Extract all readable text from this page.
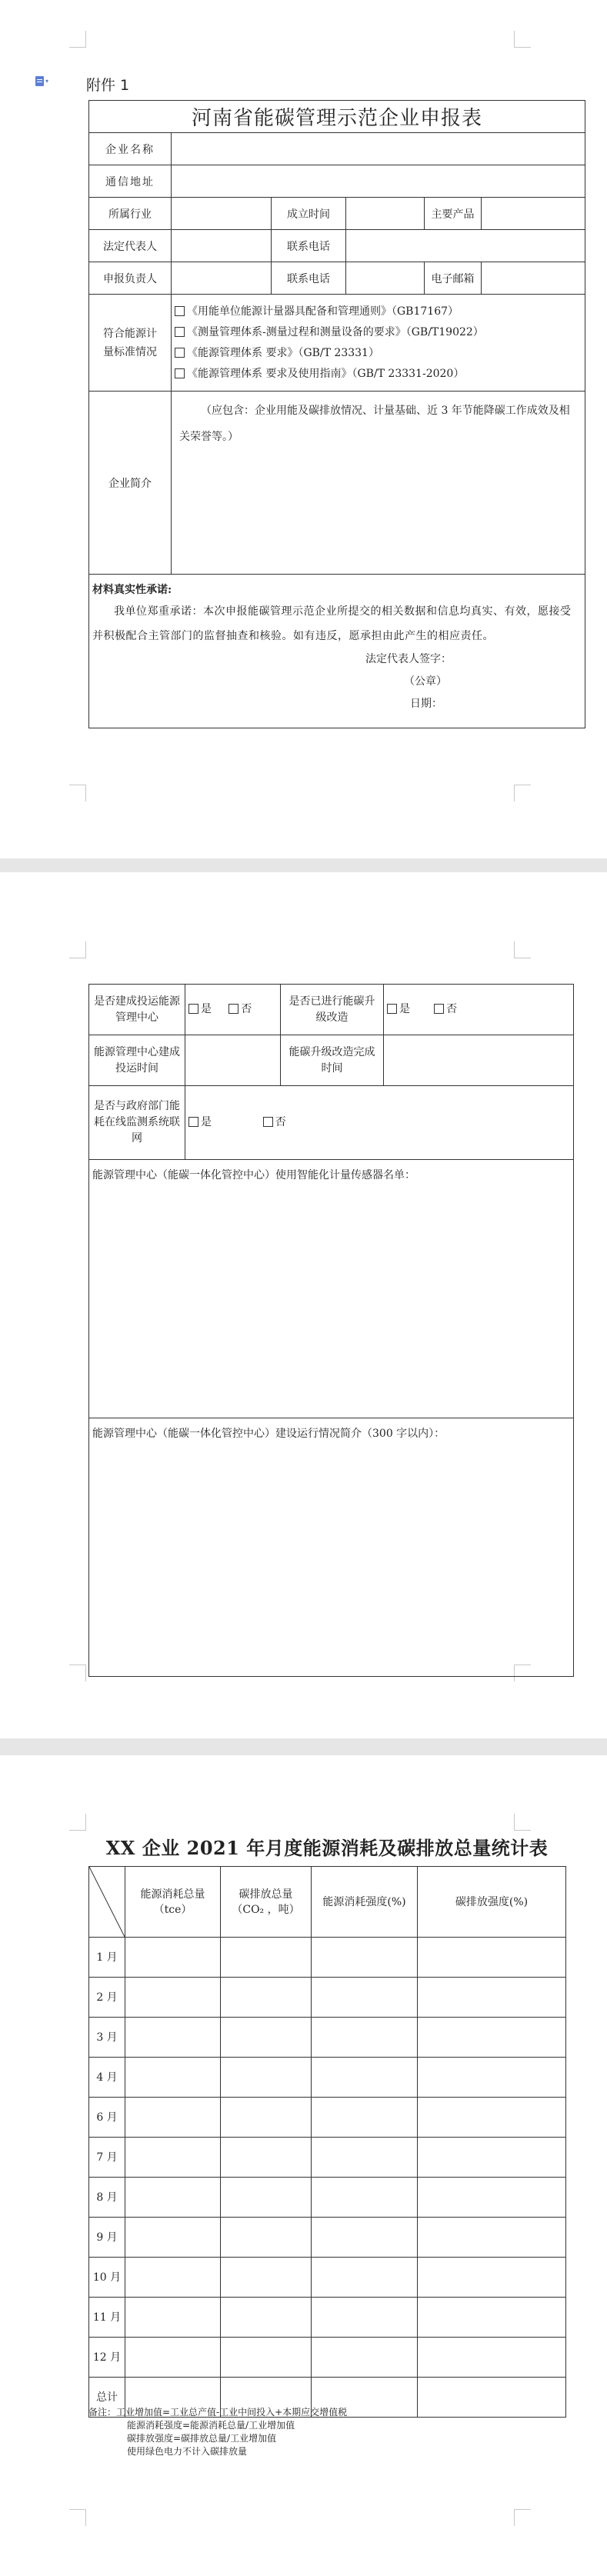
▾	附件 1
河南省能碳管理示范企业申报表					
企业名称					
通信地址					
所属行业		成立时间		主要产品	
法定代表人		联系电话			
申报负责人		联系电话		电子邮箱	
符合能源计量标准情况	《用能单位能源计量器具配备和管理通则》（GB17167）
《测量管理体系-测量过程和测量设备的要求》（GB/T19022）
《能源管理体系 要求》（GB/T 23331）
《能源管理体系 要求及使用指南》（GB/T 23331-2020）				

企业简介	（应包含：企业用能及碳排放情况、计量基础、近 3 年节能降碳工作成效及相关荣誉等。）				

材料真实性承诺:
我单位郑重承诺：本次申报能碳管理示范企业所提交的相关数据和信息均真实、有效，愿接受并积极配合主管部门的监督抽查和核验。如有违反，愿承担由此产生的相应责任。
法定代表人签字：
（公章）
日期：					
是否建成投运能源管理中心	是 否	是否已进行能碳升级改造	是 否
能源管理中心建成投运时间		能碳升级改造完成时间	
是否与政府部门能耗在线监测系统联网	是 否		
能源管理中心（能碳一体化管控中心）使用智能化计量传感器名单：			
能源管理中心（能碳一体化管控中心）建设运行情况简介（300 字以内）：			
XX 企业 2021 年月度能源消耗及碳排放总量统计表
	能源消耗总量（tce）	碳排放总量（CO₂ ，吨）	能源消耗强度(%)	碳排放强度(%)
1 月				
2 月				
3 月				
4 月				
6 月				
7 月				
8 月				
9 月				
10 月				
11 月				
12 月				
总计				
备注：工业增加值=工业总产值-工业中间投入+本期应交增值税
能源消耗强度=能源消耗总量/工业增加值
碳排放强度=碳排放总量/工业增加值
使用绿色电力不计入碳排放量
